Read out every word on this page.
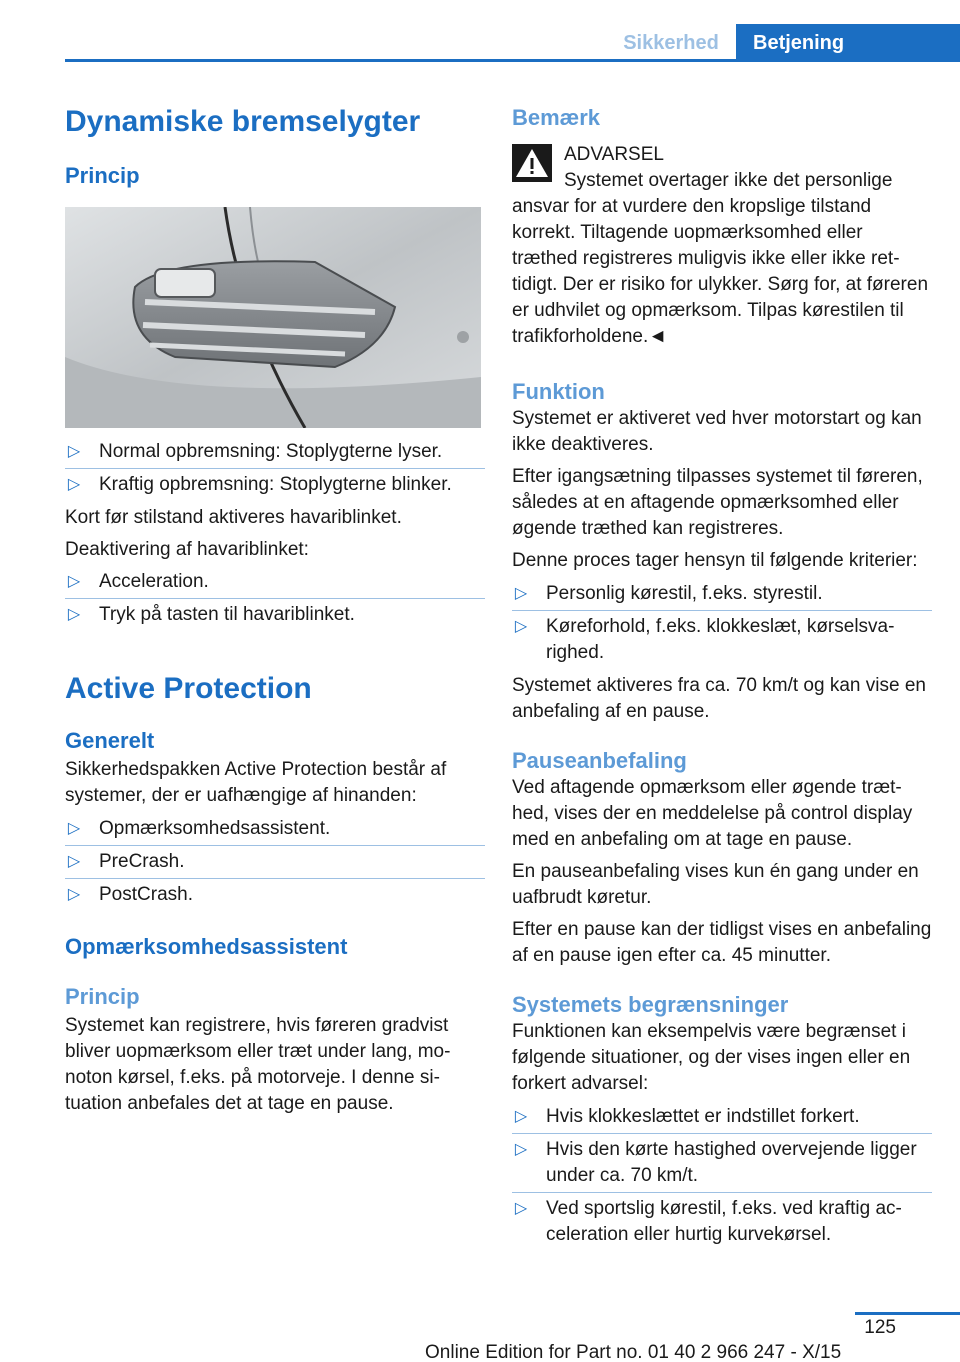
Sikkerhed	Betjening
Dynamiske bremselygter
Princip
▷ Normal opbremsning: Stoplygterne lyser.
▷ Kraftig opbremsning: Stoplygterne blinker.
Kort før stilstand aktiveres havariblinket.
Deaktivering af havariblinket:
▷ Acceleration.
▷ Tryk på tasten til havariblinket.
Active Protection
Generelt
Sikkerhedspakken Active Protection består af systemer, der er uafhængige af hinanden:
▷ Opmærksomhedsassistent.
▷ PreCrash.
▷ PostCrash.
Opmærksomhedsassistent
Princip
Systemet kan registrere, hvis føreren gradvist bliver uopmærksom eller træt under lang, monoton kørsel, f.eks. på motorveje. I denne situation anbefales det at tage en pause.
Bemærk
ADVARSEL
Systemet overtager ikke det personlige ansvar for at vurdere den kropslige tilstand korrekt. Tiltagende uopmærksomhed eller træthed registreres muligvis ikke eller ikke rettidigt. Der er risiko for ulykker. Sørg for, at føreren er udhvilet og opmærksom. Tilpas kørestilen til trafikforholdene.◄
Funktion
Systemet er aktiveret ved hver motorstart og kan ikke deaktiveres.
Efter igangsætning tilpasses systemet til føreren, således at en aftagende opmærksomhed eller øgende træthed kan registreres.
Denne proces tager hensyn til følgende kriterier:
▷ Personlig kørestil, f.eks. styrestil.
▷ Køreforhold, f.eks. klokkeslæt, kørselsvarighed.
Systemet aktiveres fra ca. 70 km/t og kan vise en anbefaling af en pause.
Pauseanbefaling
Ved aftagende opmærksom eller øgende træthed, vises der en meddelelse på control display med en anbefaling om at tage en pause.
En pauseanbefaling vises kun én gang under en uafbrudt køretur.
Efter en pause kan der tidligst vises en anbefaling af en pause igen efter ca. 45 minutter.
Systemets begrænsninger
Funktionen kan eksempelvis være begrænset i følgende situationer, og der vises ingen eller en forkert advarsel:
▷ Hvis klokkeslættet er indstillet forkert.
▷ Hvis den kørte hastighed overvejende ligger under ca. 70 km/t.
▷ Ved sportslig kørestil, f.eks. ved kraftig acceleration eller hurtig kurvekørsel.
125
Online Edition for Part no. 01 40 2 966 247 - X/15
